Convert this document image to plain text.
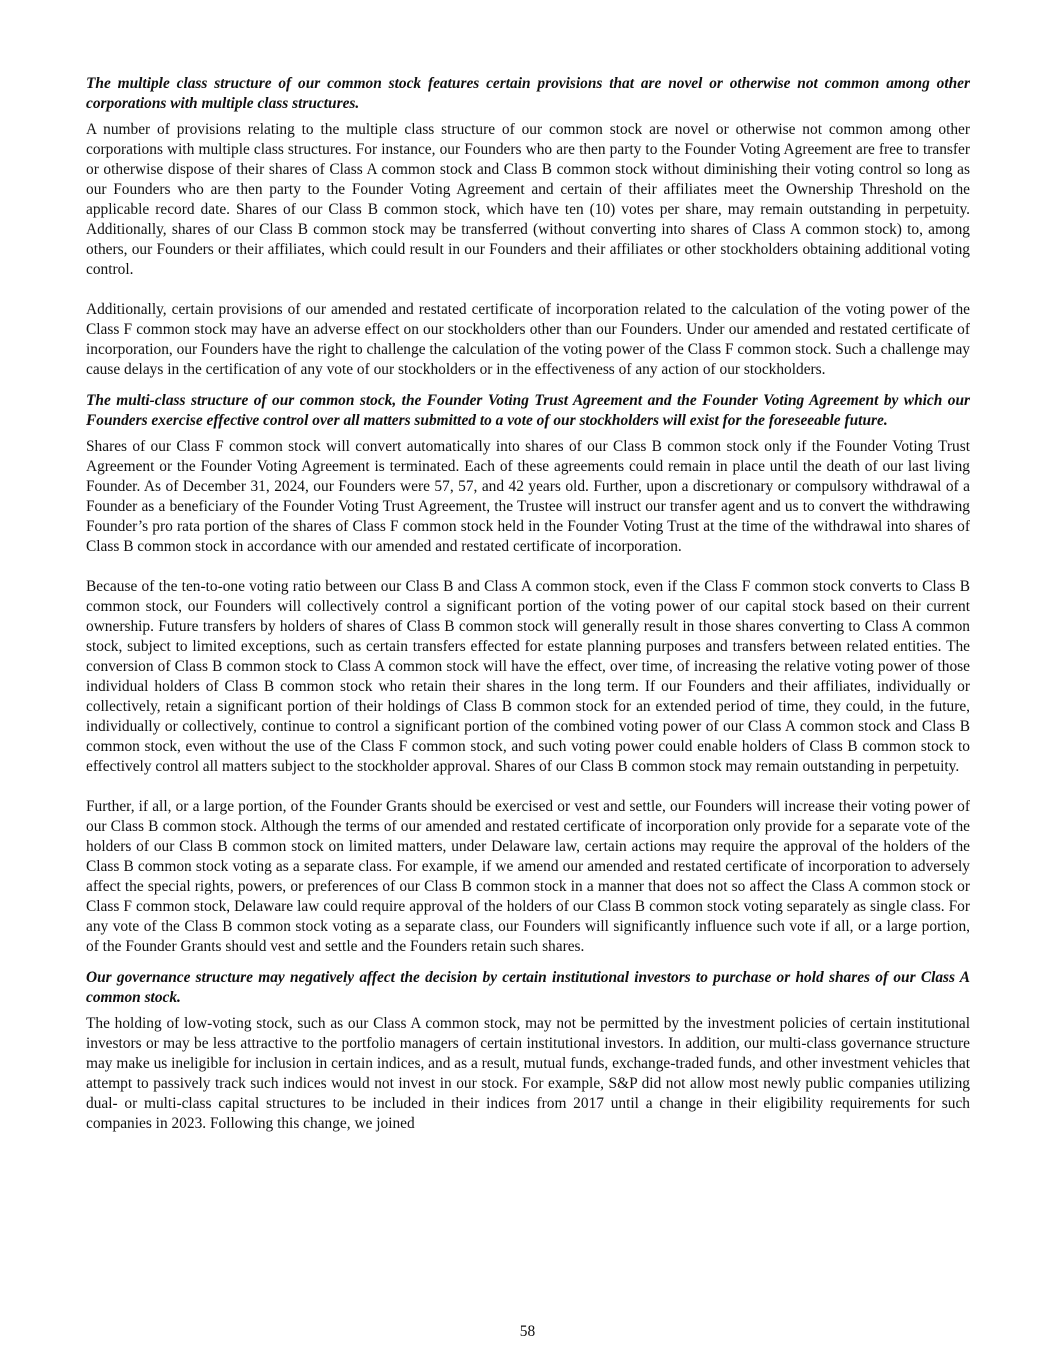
The multiple class structure of our common stock features certain provisions that are novel or otherwise not common among other corporations with multiple class structures.

A number of provisions relating to the multiple class structure of our common stock are novel or otherwise not common among other corporations with multiple class structures. For instance, our Founders who are then party to the Founder Voting Agreement are free to transfer or otherwise dispose of their shares of Class A common stock and Class B common stock without diminishing their voting control so long as our Founders who are then party to the Founder Voting Agreement and certain of their affiliates meet the Ownership Threshold on the applicable record date. Shares of our Class B common stock, which have ten (10) votes per share, may remain outstanding in perpetuity. Additionally, shares of our Class B common stock may be transferred (without converting into shares of Class A common stock) to, among others, our Founders or their affiliates, which could result in our Founders and their affiliates or other stockholders obtaining additional voting control.

Additionally, certain provisions of our amended and restated certificate of incorporation related to the calculation of the voting power of the Class F common stock may have an adverse effect on our stockholders other than our Founders. Under our amended and restated certificate of incorporation, our Founders have the right to challenge the calculation of the voting power of the Class F common stock. Such a challenge may cause delays in the certification of any vote of our stockholders or in the effectiveness of any action of our stockholders.

The multi-class structure of our common stock, the Founder Voting Trust Agreement and the Founder Voting Agreement by which our Founders exercise effective control over all matters submitted to a vote of our stockholders will exist for the foreseeable future.

Shares of our Class F common stock will convert automatically into shares of our Class B common stock only if the Founder Voting Trust Agreement or the Founder Voting Agreement is terminated. Each of these agreements could remain in place until the death of our last living Founder. As of December 31, 2024, our Founders were 57, 57, and 42 years old. Further, upon a discretionary or compulsory withdrawal of a Founder as a beneficiary of the Founder Voting Trust Agreement, the Trustee will instruct our transfer agent and us to convert the withdrawing Founder’s pro rata portion of the shares of Class F common stock held in the Founder Voting Trust at the time of the withdrawal into shares of Class B common stock in accordance with our amended and restated certificate of incorporation.

Because of the ten-to-one voting ratio between our Class B and Class A common stock, even if the Class F common stock converts to Class B common stock, our Founders will collectively control a significant portion of the voting power of our capital stock based on their current ownership. Future transfers by holders of shares of Class B common stock will generally result in those shares converting to Class A common stock, subject to limited exceptions, such as certain transfers effected for estate planning purposes and transfers between related entities. The conversion of Class B common stock to Class A common stock will have the effect, over time, of increasing the relative voting power of those individual holders of Class B common stock who retain their shares in the long term. If our Founders and their affiliates, individually or collectively, retain a significant portion of their holdings of Class B common stock for an extended period of time, they could, in the future, individually or collectively, continue to control a significant portion of the combined voting power of our Class A common stock and Class B common stock, even without the use of the Class F common stock, and such voting power could enable holders of Class B common stock to effectively control all matters subject to the stockholder approval. Shares of our Class B common stock may remain outstanding in perpetuity.

Further, if all, or a large portion, of the Founder Grants should be exercised or vest and settle, our Founders will increase their voting power of our Class B common stock. Although the terms of our amended and restated certificate of incorporation only provide for a separate vote of the holders of our Class B common stock on limited matters, under Delaware law, certain actions may require the approval of the holders of the Class B common stock voting as a separate class. For example, if we amend our amended and restated certificate of incorporation to adversely affect the special rights, powers, or preferences of our Class B common stock in a manner that does not so affect the Class A common stock or Class F common stock, Delaware law could require approval of the holders of our Class B common stock voting separately as single class. For any vote of the Class B common stock voting as a separate class, our Founders will significantly influence such vote if all, or a large portion, of the Founder Grants should vest and settle and the Founders retain such shares.

Our governance structure may negatively affect the decision by certain institutional investors to purchase or hold shares of our Class A common stock.

The holding of low-voting stock, such as our Class A common stock, may not be permitted by the investment policies of certain institutional investors or may be less attractive to the portfolio managers of certain institutional investors. In addition, our multi-class governance structure may make us ineligible for inclusion in certain indices, and as a result, mutual funds, exchange-traded funds, and other investment vehicles that attempt to passively track such indices would not invest in our stock. For example, S&P did not allow most newly public companies utilizing dual- or multi-class capital structures to be included in their indices from 2017 until a change in their eligibility requirements for such companies in 2023. Following this change, we joined

58
